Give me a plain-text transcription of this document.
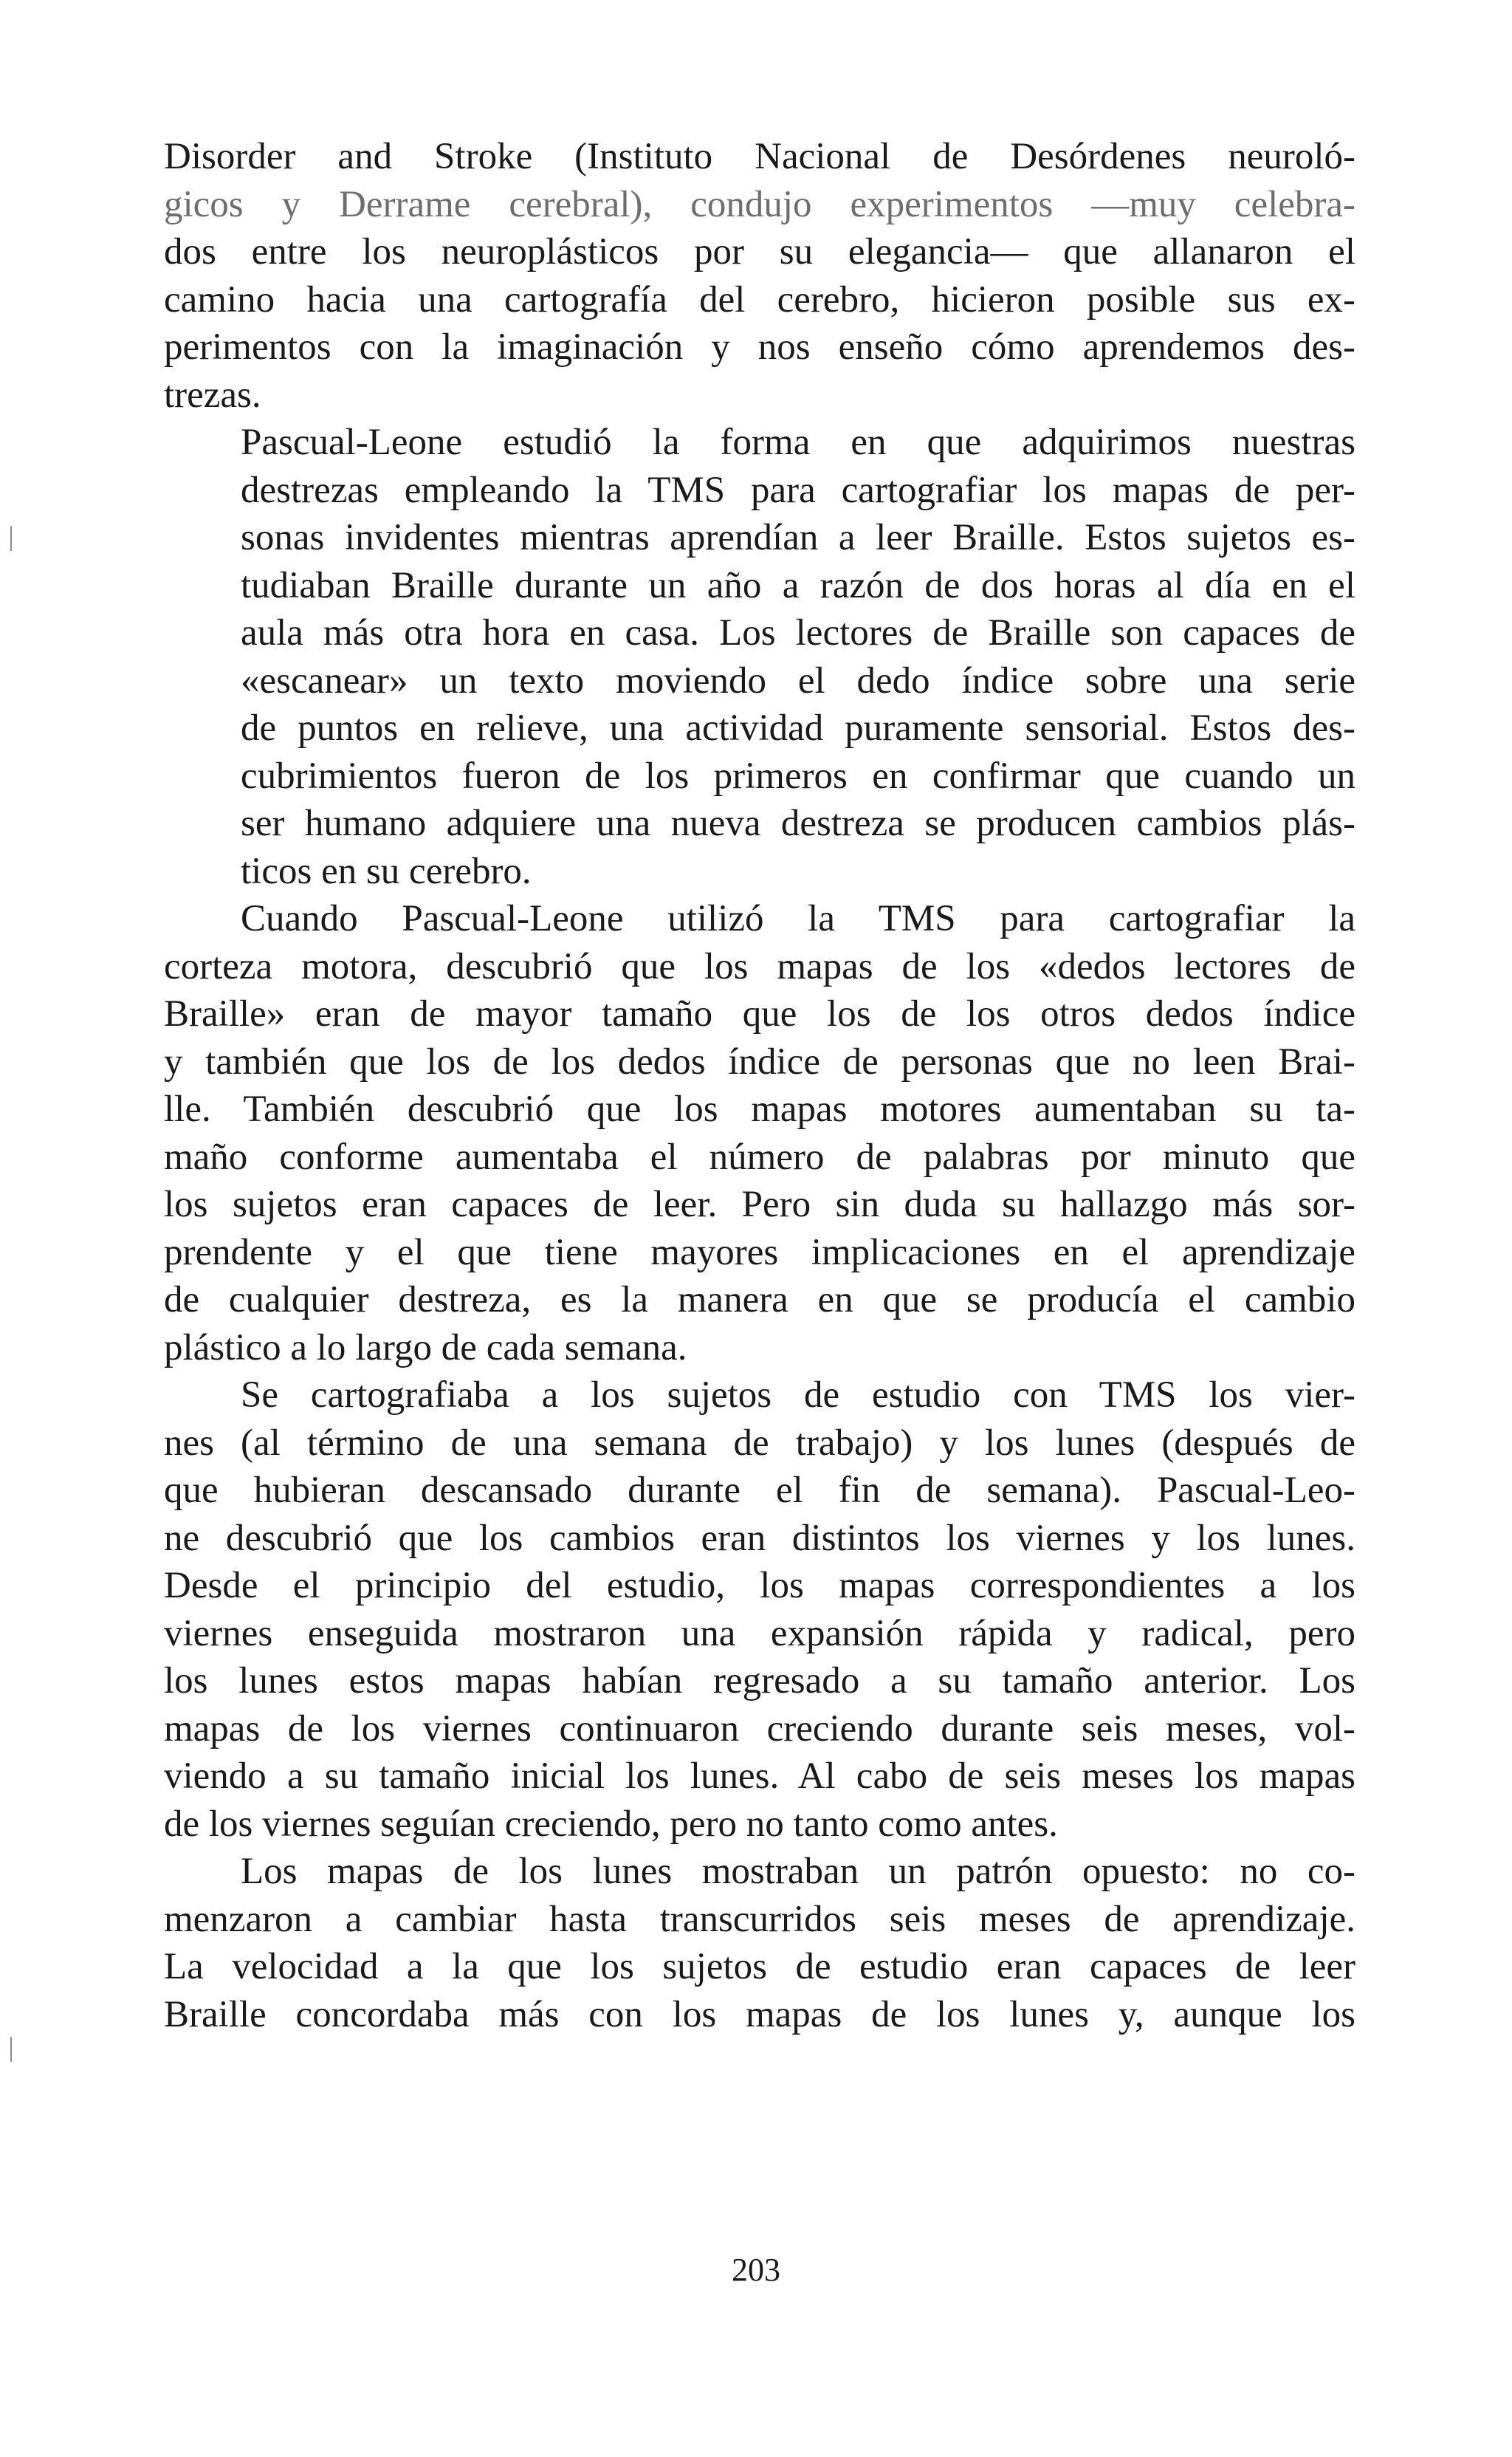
Disorder and Stroke (Instituto Nacional de Desórdenes neuroló-
gicos y Derrame cerebral), condujo experimentos —muy celebra-
dos entre los neuroplásticos por su elegancia— que allanaron el
camino hacia una cartografía del cerebro, hicieron posible sus ex-
perimentos con la imaginación y nos enseño cómo aprendemos des-
trezas.

Pascual-Leone estudió la forma en que adquirimos nuestras
destrezas empleando la TMS para cartografiar los mapas de per-
sonas invidentes mientras aprendían a leer Braille. Estos sujetos es-
tudiaban Braille durante un año a razón de dos horas al día en el
aula más otra hora en casa. Los lectores de Braille son capaces de
«escanear» un texto moviendo el dedo índice sobre una serie
de puntos en relieve, una actividad puramente sensorial. Estos des-
cubrimientos fueron de los primeros en confirmar que cuando un
ser humano adquiere una nueva destreza se producen cambios plás-
ticos en su cerebro.

Cuando Pascual-Leone utilizó la TMS para cartografiar la
corteza motora, descubrió que los mapas de los «dedos lectores de
Braille» eran de mayor tamaño que los de los otros dedos índice
y también que los de los dedos índice de personas que no leen Brai-
lle. También descubrió que los mapas motores aumentaban su ta-
maño conforme aumentaba el número de palabras por minuto que
los sujetos eran capaces de leer. Pero sin duda su hallazgo más sor-
prendente y el que tiene mayores implicaciones en el aprendizaje
de cualquier destreza, es la manera en que se producía el cambio
plástico a lo largo de cada semana.

Se cartografiaba a los sujetos de estudio con TMS los vier-
nes (al término de una semana de trabajo) y los lunes (después de
que hubieran descansado durante el fin de semana). Pascual-Leo-
ne descubrió que los cambios eran distintos los viernes y los lunes.
Desde el principio del estudio, los mapas correspondientes a los
viernes enseguida mostraron una expansión rápida y radical, pero
los lunes estos mapas habían regresado a su tamaño anterior. Los
mapas de los viernes continuaron creciendo durante seis meses, vol-
viendo a su tamaño inicial los lunes. Al cabo de seis meses los mapas
de los viernes seguían creciendo, pero no tanto como antes.

Los mapas de los lunes mostraban un patrón opuesto: no co-
menzaron a cambiar hasta transcurridos seis meses de aprendizaje.
La velocidad a la que los sujetos de estudio eran capaces de leer
Braille concordaba más con los mapas de los lunes y, aunque los

203
